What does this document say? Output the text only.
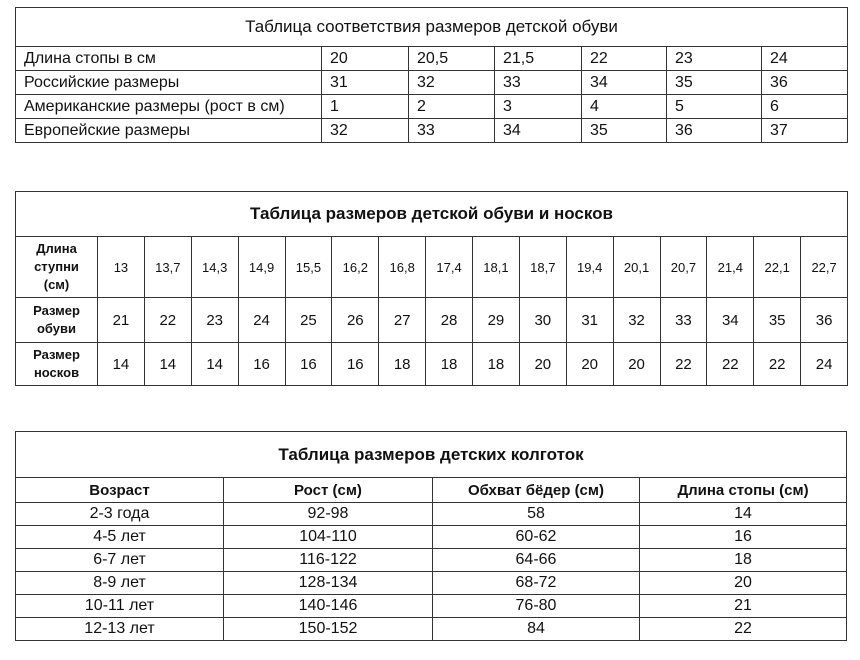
Таблица соответствия размеров детской обуви						
Длина стопы в см	20	20,5	21,5	22	23	24
Российские размеры	31	32	33	34	35	36
Американские размеры (рост в см)	1	2	3	4	5	6
Европейские размеры	32	33	34	35	36	37
Таблица размеров детской обуви и носков																

Длина
ступни
(см)	13	13,7	14,3	14,9	15,5	16,2	16,8	17,4	18,1	18,7	19,4	20,1	20,7	21,4	22,1	22,7

Размер
обуви	21	22	23	24	25	26	27	28	29	30	31	32	33	34	35	36

Размер
носков	14	14	14	16	16	16	18	18	18	20	20	20	22	22	22	24
Таблица размеров детских колготок			
Возраст	Рост (см)	Обхват бёдер (см)	Длина стопы (см)
2-3 года	92-98	58	14
4-5 лет	104-110	60-62	16
6-7 лет	116-122	64-66	18
8-9 лет	128-134	68-72	20
10-11 лет	140-146	76-80	21
12-13 лет	150-152	84	22
